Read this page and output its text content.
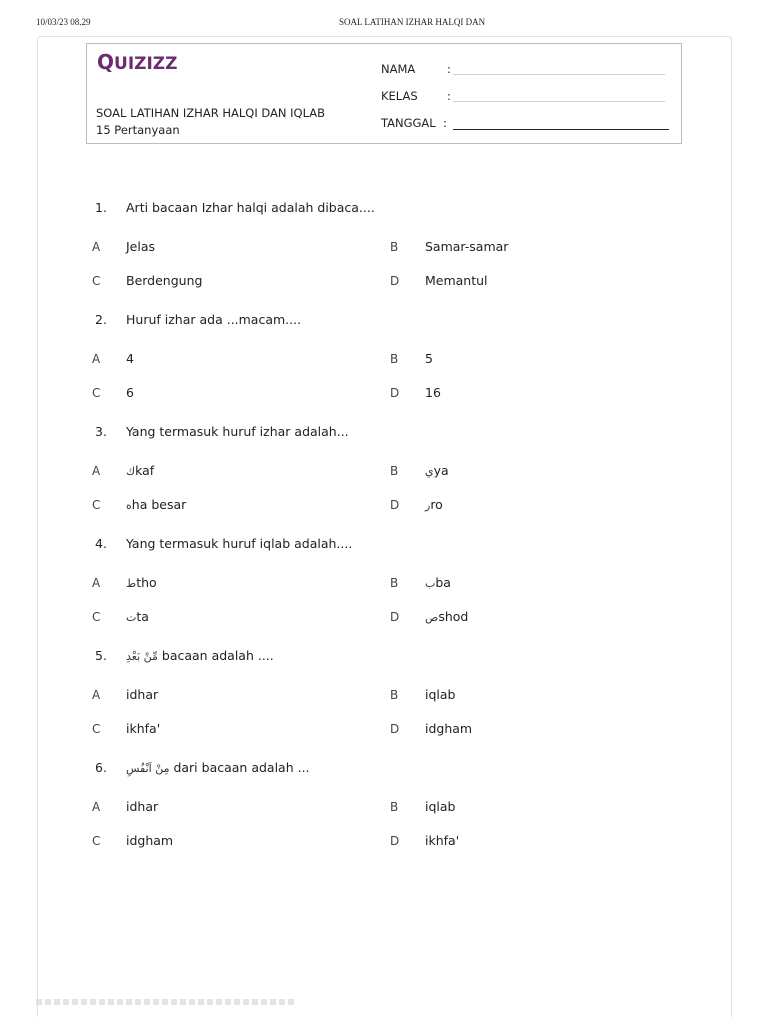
10/03/23 08.29	SOAL LATIHAN IZHAR HALQI DAN
QUIZIZZ
SOAL LATIHAN IZHAR HALQI DAN IQLAB
15 Pertanyaan
NAMA	:
KELAS	:
TANGGAL :
1. Arti bacaan Izhar halqi adalah dibaca....
A Jelas	B Samar-samar
C Berdengung	D Memantul
2. Huruf izhar ada ...macam....
A 4	B 5
C 6	D 16
3. Yang termasuk huruf izhar adalah...
A كkaf	B يya
C هha besar	D رro
4. Yang termasuk huruf iqlab adalah....
A طtho	B بba
C تta	D صshod
5. مِّنْ بَعْدِ bacaan adalah ....
A idhar	B iqlab
C ikhfa'	D idgham
6. مِنْ اَنْفُسِ dari bacaan adalah ...
A idhar	B iqlab
C idgham	D ikhfa'
